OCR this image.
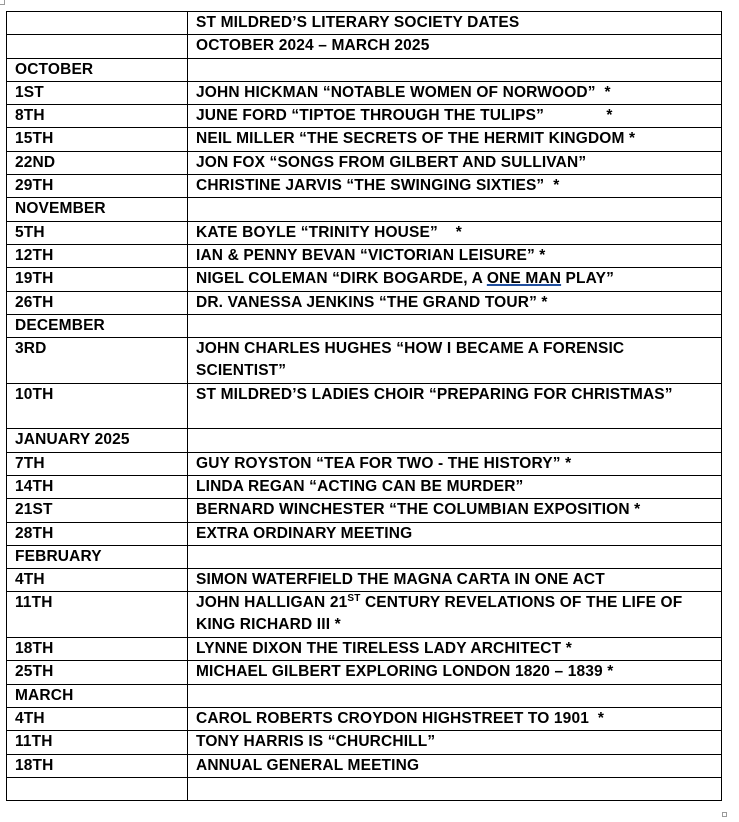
	ST MILDRED’S LITERARY SOCIETY DATES
	OCTOBER 2024 – MARCH 2025
OCTOBER	
1ST	JOHN HICKMAN “NOTABLE WOMEN OF NORWOOD”  *
8TH	JUNE FORD “TIPTOE THROUGH THE TULIPS”              *
15TH	NEIL MILLER “THE SECRETS OF THE HERMIT KINGDOM *
22ND	JON FOX “SONGS FROM GILBERT AND SULLIVAN”
29TH	CHRISTINE JARVIS “THE SWINGING SIXTIES”  *
NOVEMBER	
5TH	KATE BOYLE “TRINITY HOUSE”    *
12TH	IAN & PENNY BEVAN “VICTORIAN LEISURE” *
19TH	NIGEL COLEMAN “DIRK BOGARDE, A ONE MAN PLAY”
26TH	DR. VANESSA JENKINS “THE GRAND TOUR” *
DECEMBER	
3RD	JOHN CHARLES HUGHES “HOW I BECAME A FORENSIC SCIENTIST”
10TH	ST MILDRED’S LADIES CHOIR “PREPARING FOR CHRISTMAS”
JANUARY 2025	
7TH	GUY ROYSTON “TEA FOR TWO - THE HISTORY” *
14TH	LINDA REGAN “ACTING CAN BE MURDER”
21ST	BERNARD WINCHESTER “THE COLUMBIAN EXPOSITION *
28TH	EXTRA ORDINARY MEETING
FEBRUARY	
4TH	SIMON WATERFIELD THE MAGNA CARTA IN ONE ACT
11TH	JOHN HALLIGAN 21ST CENTURY REVELATIONS OF THE LIFE OF KING RICHARD III *
18TH	LYNNE DIXON THE TIRELESS LADY ARCHITECT *
25TH	MICHAEL GILBERT EXPLORING LONDON 1820 – 1839 *
MARCH	
4TH	CAROL ROBERTS CROYDON HIGHSTREET TO 1901  *
11TH	TONY HARRIS IS “CHURCHILL”
18TH	ANNUAL GENERAL MEETING
